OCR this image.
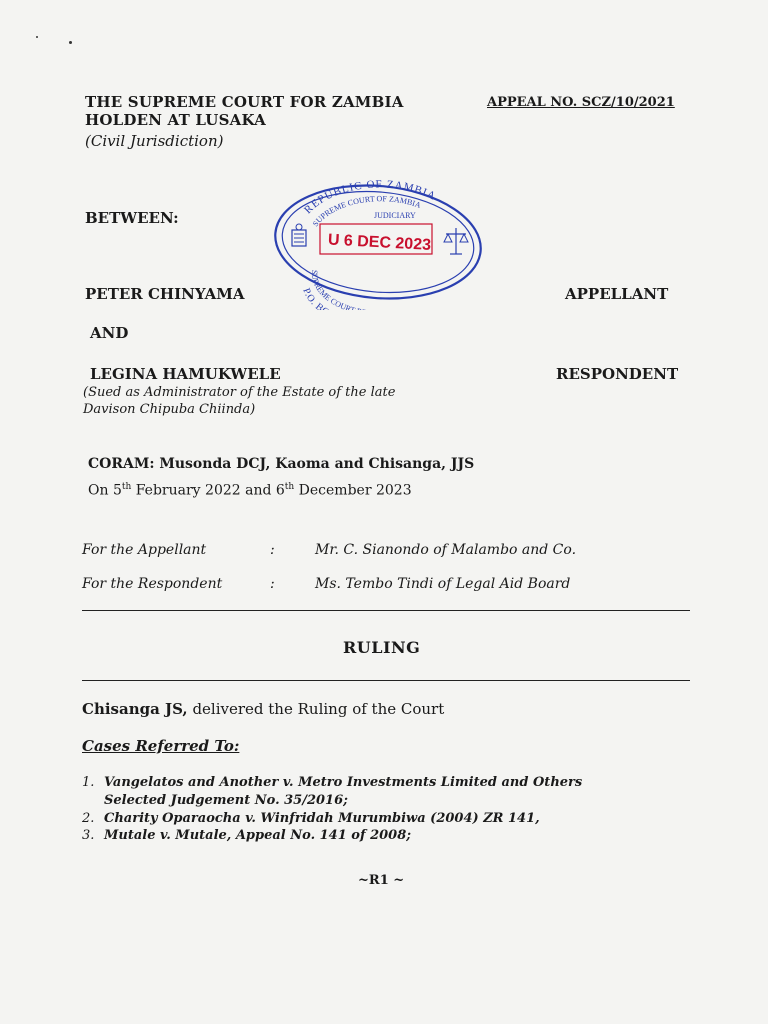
THE SUPREME COURT FOR ZAMBIA
HOLDEN AT LUSAKA
(Civil Jurisdiction)
APPEAL NO. SCZ/10/2021
REPUBLIC OF ZAMBIA
SUPREME COURT OF ZAMBIA
JUDICIARY
U 6 DEC 2023
SUPREME COURT
P.O. B
BETWEEN:
PETER CHINYAMA	APPELLANT
AND
LEGINA HAMUKWELE	RESPONDENT
(Sued as Administrator of the Estate of the late
Davison Chipuba Chiinda)
CORAM: Musonda DCJ, Kaoma and Chisanga, JJS
On 5th February 2022 and 6th December 2023
For the Appellant	:	Mr. C. Sianondo of Malambo and Co.
For the Respondent	:	Ms. Tembo Tindi of Legal Aid Board
RULING
Chisanga JS, delivered the Ruling of the Court
Cases Referred To:
1. Vangelatos and Another v. Metro Investments Limited and Others
Selected Judgement No. 35/2016;
2. Charity Oparaocha v. Winfridah Murumbiwa (2004) ZR 141,
3. Mutale v. Mutale, Appeal No. 141 of 2008;
~R1 ~
